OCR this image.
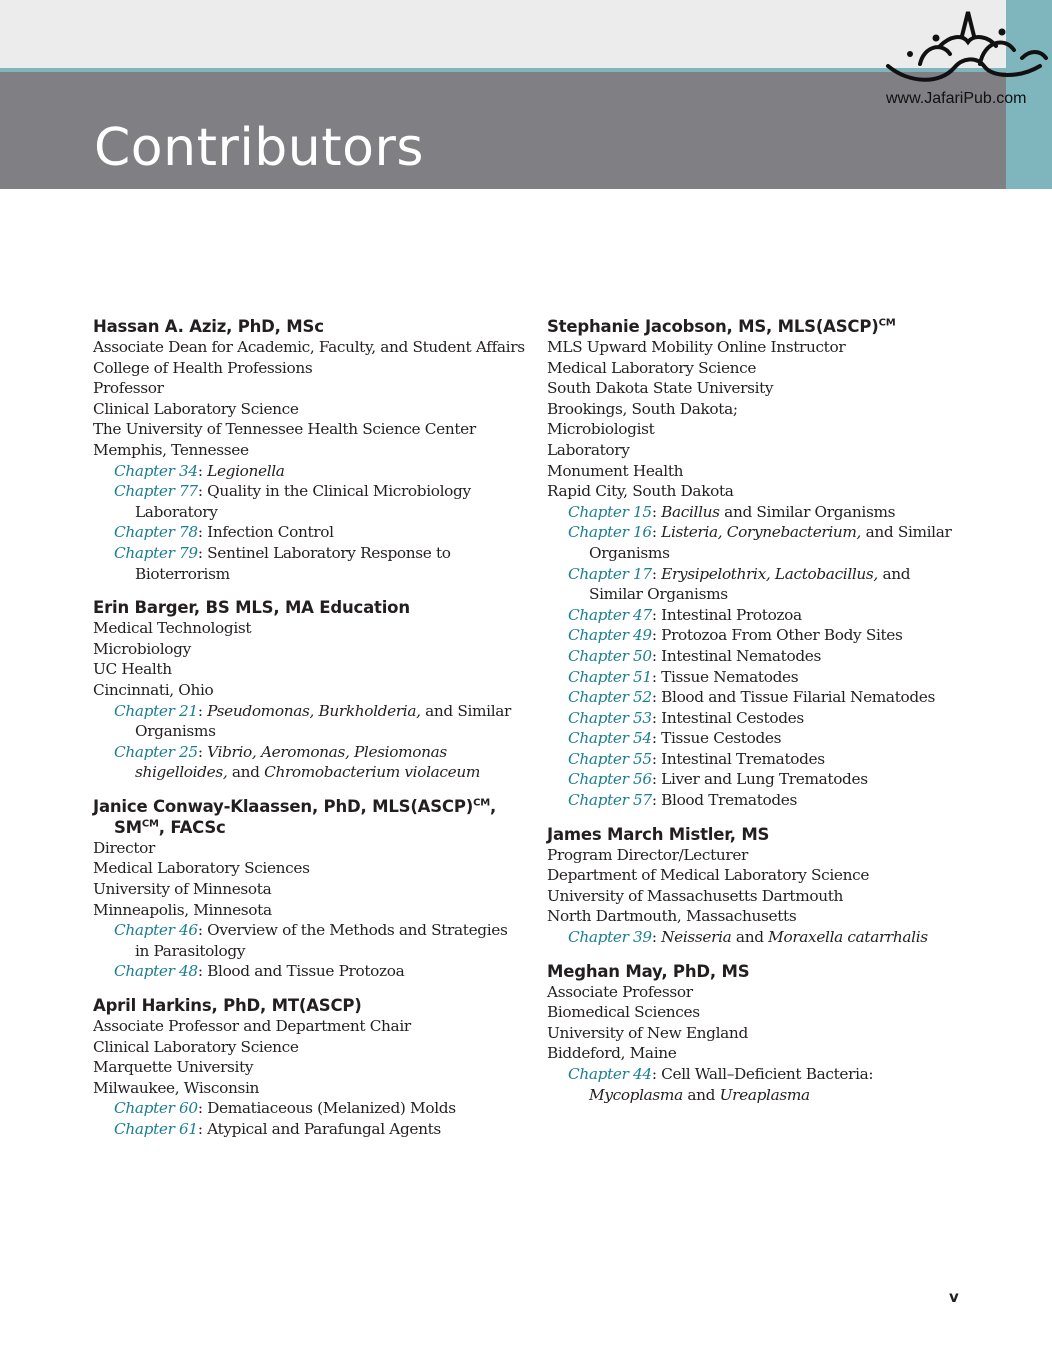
Contributors
www.JafariPub.com
Hassan A. Aziz, PhD, MSc
Associate Dean for Academic, Faculty, and Student Affairs
College of Health Professions
Professor
Clinical Laboratory Science
The University of Tennessee Health Science Center
Memphis, Tennessee
Chapter 34: Legionella
Chapter 77: Quality in the Clinical Microbiology Laboratory
Chapter 78: Infection Control
Chapter 79: Sentinel Laboratory Response to Bioterrorism
Erin Barger, BS MLS, MA Education
Medical Technologist
Microbiology
UC Health
Cincinnati, Ohio
Chapter 21: Pseudomonas, Burkholderia, and Similar Organisms
Chapter 25: Vibrio, Aeromonas, Plesiomonas shigelloides, and Chromobacterium violaceum
Janice Conway-Klaassen, PhD, MLS(ASCP)$^{CM}$,
$SM^{CM}$, FACSc
Director
Medical Laboratory Sciences
University of Minnesota
Minneapolis, Minnesota
Chapter 46: Overview of the Methods and Strategies in Parasitology
Chapter 48: Blood and Tissue Protozoa
April Harkins, PhD, MT(ASCP)
Associate Professor and Department Chair
Clinical Laboratory Science
Marquette University
Milwaukee, Wisconsin
Chapter 60: Dematiaceous (Melanized) Molds
Chapter 61: Atypical and Parafungal Agents
Stephanie Jacobson, MS, MLS(ASCP)$^{CM}$
MLS Upward Mobility Online Instructor
Medical Laboratory Science
South Dakota State University
Brookings, South Dakota;
Microbiologist
Laboratory
Monument Health
Rapid City, South Dakota
Chapter 15: Bacillus and Similar Organisms
Chapter 16: Listeria, Corynebacterium, and Similar Organisms
Chapter 17: Erysipelothrix, Lactobacillus, and Similar Organisms
Chapter 47: Intestinal Protozoa
Chapter 49: Protozoa From Other Body Sites
Chapter 50: Intestinal Nematodes
Chapter 51: Tissue Nematodes
Chapter 52: Blood and Tissue Filarial Nematodes
Chapter 53: Intestinal Cestodes
Chapter 54: Tissue Cestodes
Chapter 55: Intestinal Trematodes
Chapter 56: Liver and Lung Trematodes
Chapter 57: Blood Trematodes
James March Mistler, MS
Program Director/Lecturer
Department of Medical Laboratory Science
University of Massachusetts Dartmouth
North Dartmouth, Massachusetts
Chapter 39: Neisseria and Moraxella catarrhalis
Meghan May, PhD, MS
Associate Professor
Biomedical Sciences
University of New England
Biddeford, Maine
Chapter 44: Cell Wall–Deficient Bacteria: Mycoplasma and Ureaplasma
v
